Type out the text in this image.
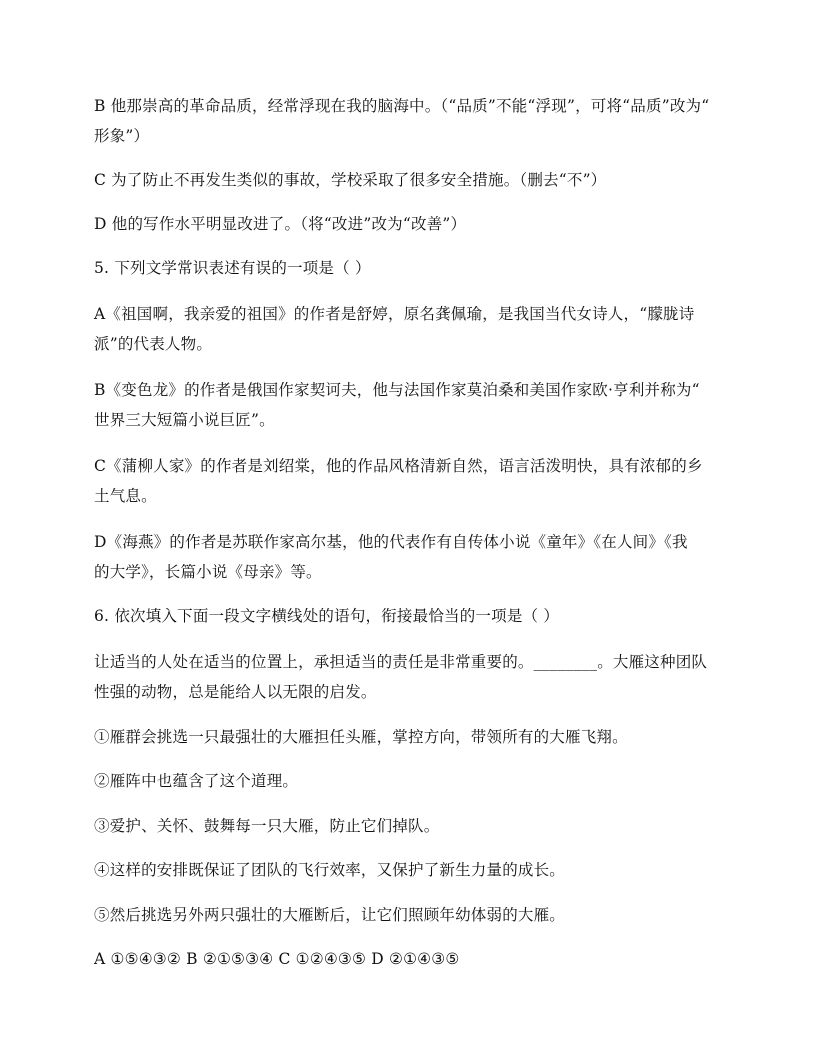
B 他那崇高的革命品质，经常浮现在我的脑海中。（“品质”不能“浮现”，可将“品质”改为“
形象”）
C 为了防止不再发生类似的事故，学校采取了很多安全措施。（删去“不”）
D 他的写作水平明显改进了。（将“改进”改为“改善”）
5. 下列文学常识表述有误的一项是（ ）
A《祖国啊，我亲爱的祖国》的作者是舒婷，原名龚佩瑜，是我国当代女诗人，“朦胧诗
派”的代表人物。
B《变色龙》的作者是俄国作家契诃夫，他与法国作家莫泊桑和美国作家欧·亨利并称为“
世界三大短篇小说巨匠”。
C《蒲柳人家》的作者是刘绍棠，他的作品风格清新自然，语言活泼明快，具有浓郁的乡
土气息。
D《海燕》的作者是苏联作家高尔基，他的代表作有自传体小说《童年》《在人间》《我
的大学》，长篇小说《母亲》等。
6. 依次填入下面一段文字横线处的语句，衔接最恰当的一项是（ ）
让适当的人处在适当的位置上，承担适当的责任是非常重要的。________。大雁这种团队
性强的动物，总是能给人以无限的启发。
①雁群会挑选一只最强壮的大雁担任头雁，掌控方向，带领所有的大雁飞翔。
②雁阵中也蕴含了这个道理。
③爱护、关怀、鼓舞每一只大雁，防止它们掉队。
④这样的安排既保证了团队的飞行效率，又保护了新生力量的成长。
⑤然后挑选另外两只强壮的大雁断后，让它们照顾年幼体弱的大雁。
A ①⑤④③② B ②①⑤③④ C ①②④③⑤ D ②①④③⑤
